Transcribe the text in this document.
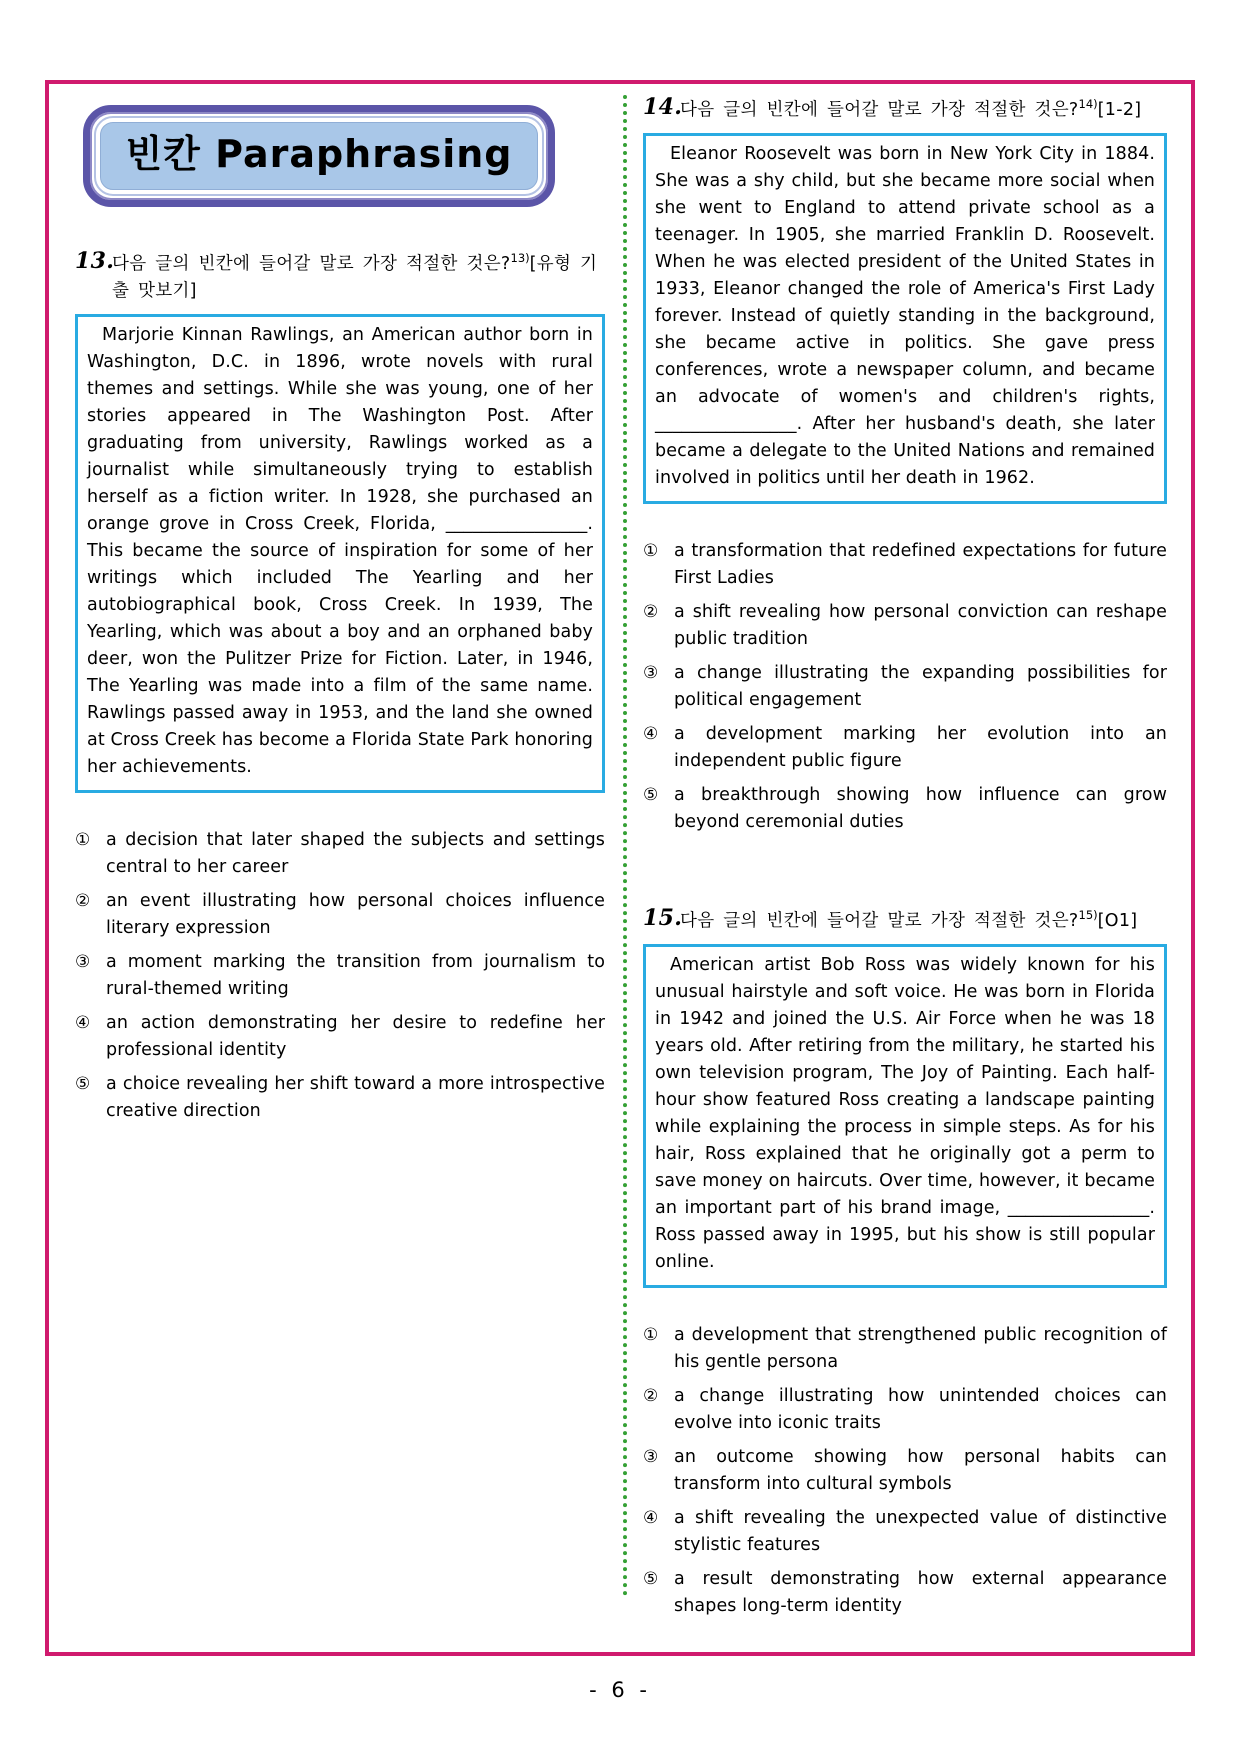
빈칸 Paraphrasing
13.
다음 글의 빈칸에 들어갈 말로 가장 적절한 것은?$^{13)}$[유형 기출 맛보기]

Marjorie Kinnan Rawlings, an American author born in Washington, D.C. in 1896, wrote novels with rural themes and settings. While she was young, one of her stories appeared in The Washington Post. After graduating from university, Rawlings worked as a journalist while simultaneously trying to establish herself as a fiction writer. In 1928, she purchased an orange grove in Cross Creek, Florida, ________________. This became the source of inspiration for some of her writings which included The Yearling and her autobiographical book, Cross Creek. In 1939, The Yearling, which was about a boy and an orphaned baby deer, won the Pulitzer Prize for Fiction. Later, in 1946, The Yearling was made into a film of the same name. Rawlings passed away in 1953, and the land she owned at Cross Creek has become a Florida State Park honoring her achievements.

① a decision that later shaped the subjects and settings central to her career
② an event illustrating how personal choices influence literary expression
③ a moment marking the transition from journalism to rural-themed writing
④ an action demonstrating her desire to redefine her professional identity
⑤ a choice revealing her shift toward a more introspective creative direction
14.
다음 글의 빈칸에 들어갈 말로 가장 적절한 것은?$^{14)}$[1-2]

Eleanor Roosevelt was born in New York City in 1884. She was a shy child, but she became more social when she went to England to attend private school as a teenager. In 1905, she married Franklin D. Roosevelt. When he was elected president of the United States in 1933, Eleanor changed the role of America's First Lady forever. Instead of quietly standing in the background, she became active in politics. She gave press conferences, wrote a newspaper column, and became an advocate of women's and children's rights, ________________. After her husband's death, she later became a delegate to the United Nations and remained involved in politics until her death in 1962.

① a transformation that redefined expectations for future First Ladies
② a shift revealing how personal conviction can reshape public tradition
③ a change illustrating the expanding possibilities for political engagement
④ a development marking her evolution into an independent public figure
⑤ a breakthrough showing how influence can grow beyond ceremonial duties
15.
다음 글의 빈칸에 들어갈 말로 가장 적절한 것은?$^{15)}$[O1]

American artist Bob Ross was widely known for his unusual hairstyle and soft voice. He was born in Florida in 1942 and joined the U.S. Air Force when he was 18 years old. After retiring from the military, he started his own television program, The Joy of Painting. Each half-hour show featured Ross creating a landscape painting while explaining the process in simple steps. As for his hair, Ross explained that he originally got a perm to save money on haircuts. Over time, however, it became an important part of his brand image, ________________. Ross passed away in 1995, but his show is still popular online.

① a development that strengthened public recognition of his gentle persona
② a change illustrating how unintended choices can evolve into iconic traits
③ an outcome showing how personal habits can transform into cultural symbols
④ a shift revealing the unexpected value of distinctive stylistic features
⑤ a result demonstrating how external appearance shapes long-term identity
- 6 -
